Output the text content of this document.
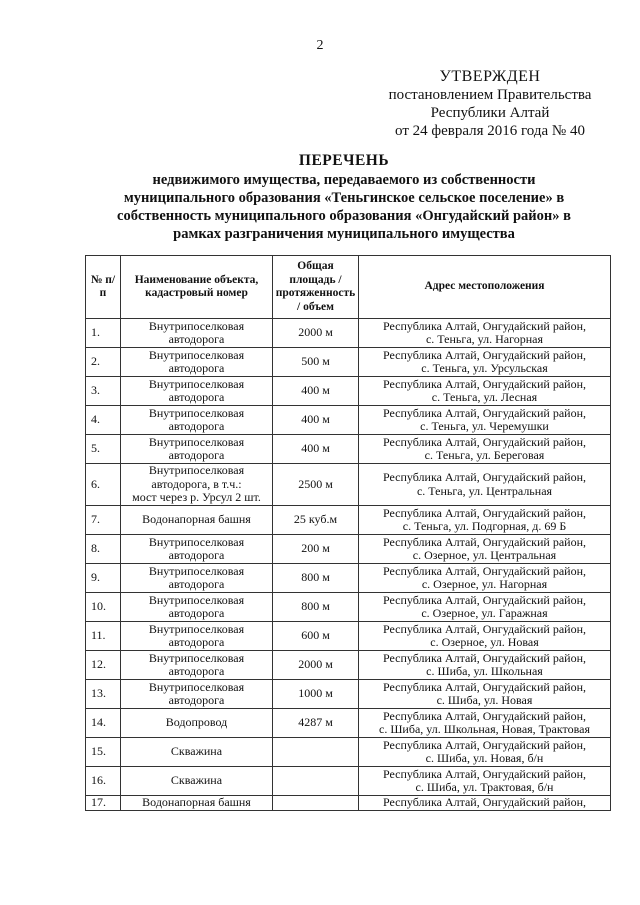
2
УТВЕРЖДЕН
постановлением Правительства
Республики Алтай
от 24 февраля 2016 года № 40
ПЕРЕЧЕНЬ
недвижимого имущества, передаваемого из собственности
муниципального образования «Теньгинское сельское поселение» в
собственность муниципального образования «Онгудайский район» в
рамках разграничения муниципального имущества
№ п/п	Наименование объекта, кадастровый номер	Общая площадь / протяженность / объем	Адрес местоположения
1.	Внутрипоселковая
автодорога	2000 м	Республика Алтай, Онгудайский район,
с. Теньга, ул. Нагорная

2.	Внутрипоселковая
автодорога	500 м	Республика Алтай, Онгудайский район,
с. Теньга, ул. Урсульская

3.	Внутрипоселковая
автодорога	400 м	Республика Алтай, Онгудайский район,
с. Теньга, ул. Лесная

4.	Внутрипоселковая
автодорога	400 м	Республика Алтай, Онгудайский район,
с. Теньга, ул. Черемушки

5.	Внутрипоселковая
автодорога	400 м	Республика Алтай, Онгудайский район,
с. Теньга, ул. Береговая

6.	Внутрипоселковая
автодорога, в т.ч.:
мост через р. Урсул 2 шт.	2500 м	Республика Алтай, Онгудайский район,
с. Теньга, ул. Центральная

7.	Водонапорная башня	25 куб.м	Республика Алтай, Онгудайский район,
с. Теньга, ул. Подгорная, д. 69 Б

8.	Внутрипоселковая
автодорога	200 м	Республика Алтай, Онгудайский район,
с. Озерное, ул. Центральная

9.	Внутрипоселковая
автодорога	800 м	Республика Алтай, Онгудайский район,
с. Озерное, ул. Нагорная

10.	Внутрипоселковая
автодорога	800 м	Республика Алтай, Онгудайский район,
с. Озерное, ул. Гаражная

11.	Внутрипоселковая
автодорога	600 м	Республика Алтай, Онгудайский район,
с. Озерное, ул. Новая

12.	Внутрипоселковая
автодорога	2000 м	Республика Алтай, Онгудайский район,
с. Шиба, ул. Школьная

13.	Внутрипоселковая
автодорога	1000 м	Республика Алтай, Онгудайский район,
с. Шиба, ул. Новая

14.	Водопровод	4287 м	Республика Алтай, Онгудайский район,
с. Шиба, ул. Школьная, Новая, Трактовая

15.	Скважина		Республика Алтай, Онгудайский район,
с. Шиба, ул. Новая, б/н

16.	Скважина		Республика Алтай, Онгудайский район,
с. Шиба, ул. Трактовая, б/н

17.	Водонапорная башня		Республика Алтай, Онгудайский район,
